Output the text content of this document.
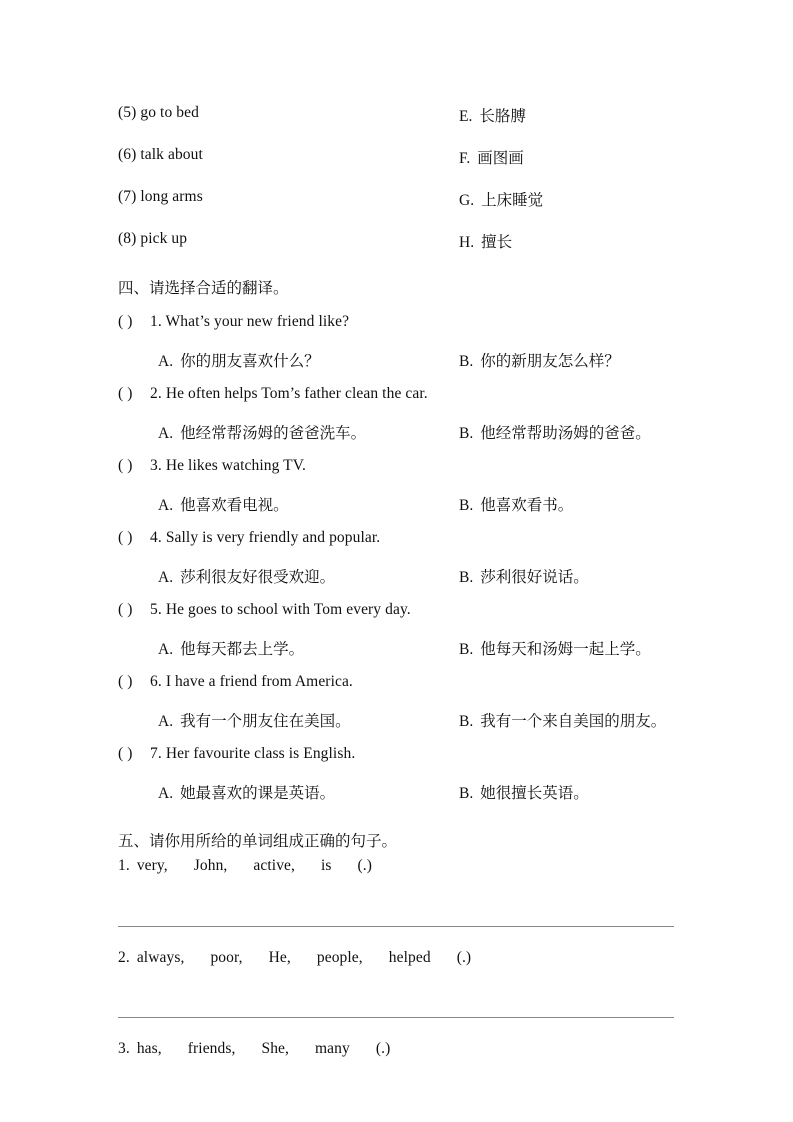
(5) go to bed	E. 长胳膊
(6) talk about	F. 画图画
(7) long arms	G. 上床睡觉
(8) pick up	H. 擅长
四、请选择合适的翻译。
( ) 1. What’s your new friend like?
A. 你的朋友喜欢什么？	B. 你的新朋友怎么样？
( ) 2. He often helps Tom’s father clean the car.
A. 他经常帮汤姆的爸爸洗车。	B. 他经常帮助汤姆的爸爸。
( ) 3. He likes watching TV.
A. 他喜欢看电视。	B. 他喜欢看书。
( ) 4. Sally is very friendly and popular.
A. 莎利很友好很受欢迎。	B. 莎利很好说话。
( ) 5. He goes to school with Tom every day.
A. 他每天都去上学。	B. 他每天和汤姆一起上学。
( ) 6. I have a friend from America.
A. 我有一个朋友住在美国。	B. 我有一个来自美国的朋友。
( ) 7. Her favourite class is English.
A. 她最喜欢的课是英语。	B. 她很擅长英语。
五、请你用所给的单词组成正确的句子。
1. very, John, active, is (.)
2. always, poor, He, people, helped (.)
3. has, friends, She, many (.)
